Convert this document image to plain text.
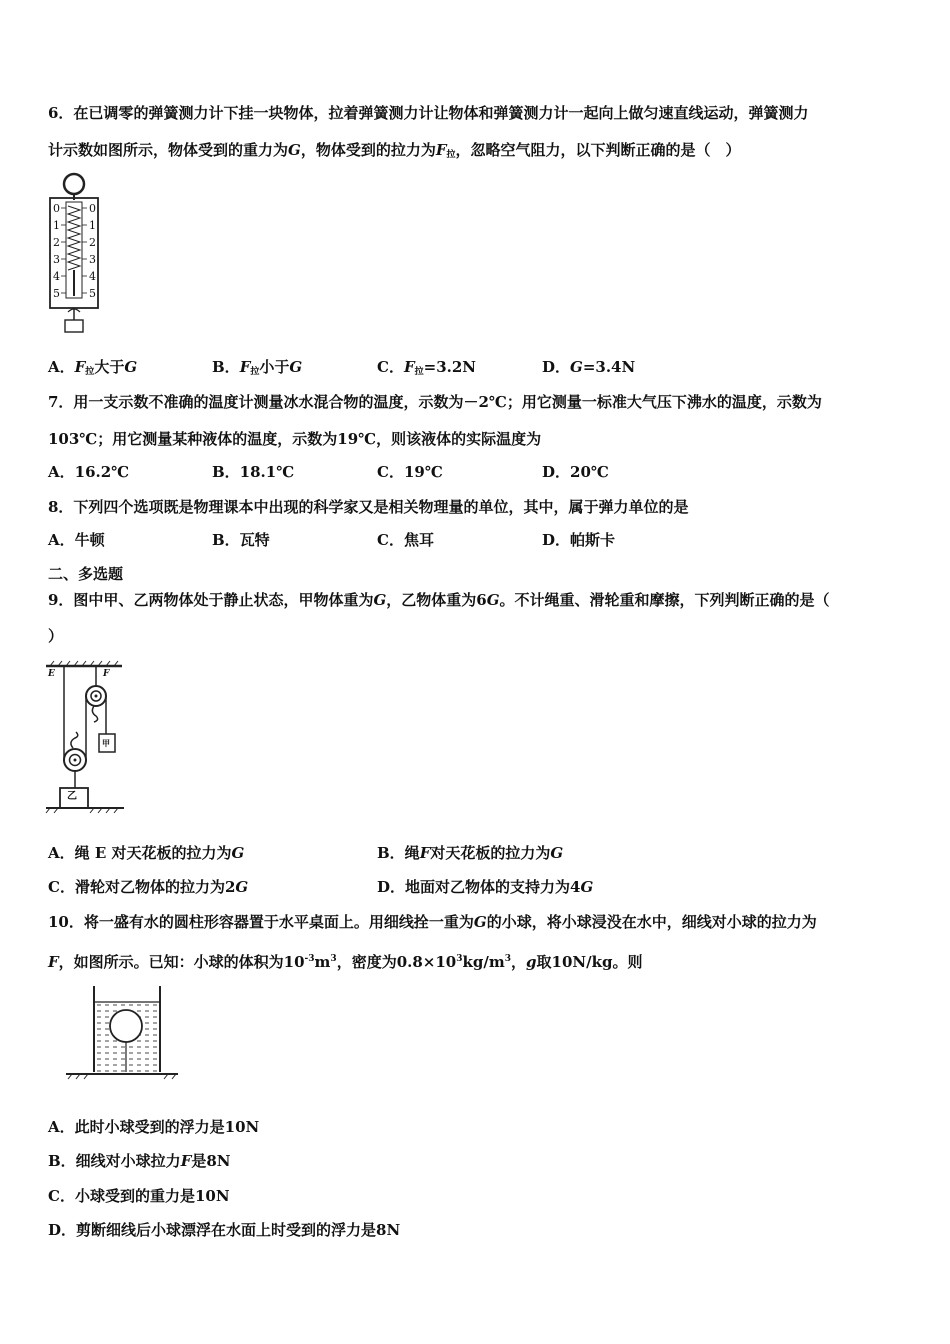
6．在已调零的弹簧测力计下挂一块物体，拉着弹簧测力计让物体和弹簧测力计一起向上做匀速直线运动，弹簧测力
计示数如图所示，物体受到的重力为G，物体受到的拉力为$F_拉$，忽略空气阻力，以下判断正确的是（　）
0
1
2
3
4
5
0
1
2
3
4
5
A．$F_拉$大于G	B．$F_拉$小于G	C．$F_拉=3.2N$	D．G=3.4N
7．用一支示数不准确的温度计测量冰水混合物的温度，示数为－2℃；用它测量一标准大气压下沸水的温度，示数为
103℃；用它测量某种液体的温度，示数为19℃，则该液体的实际温度为
A．16.2℃	B．18.1℃	C．19℃	D．20℃
8．下列四个选项既是物理课本中出现的科学家又是相关物理量的单位，其中，属于弹力单位的是
A．牛顿	B．瓦特	C．焦耳	D．帕斯卡
二、多选题
9．图中甲、乙两物体处于静止状态，甲物体重为G，乙物体重为6G。不计绳重、滑轮重和摩擦，下列判断正确的是（
）
E	F
甲
乙
A．绳 E 对天花板的拉力为G	B．绳F对天花板的拉力为G
C．滑轮对乙物体的拉力为2G	D．地面对乙物体的支持力为4G
10．将一盛有水的圆柱形容器置于水平桌面上。用细线拴一重为G的小球，将小球浸没在水中，细线对小球的拉力为
F，如图所示。已知：小球的体积为$10^{-3}m^3$，密度为$0.8\times 10^3kg/m^3$，g取10N/kg。则
A．此时小球受到的浮力是10N
B．细线对小球拉力F是8N
C．小球受到的重力是10N
D．剪断细线后小球漂浮在水面上时受到的浮力是8N
